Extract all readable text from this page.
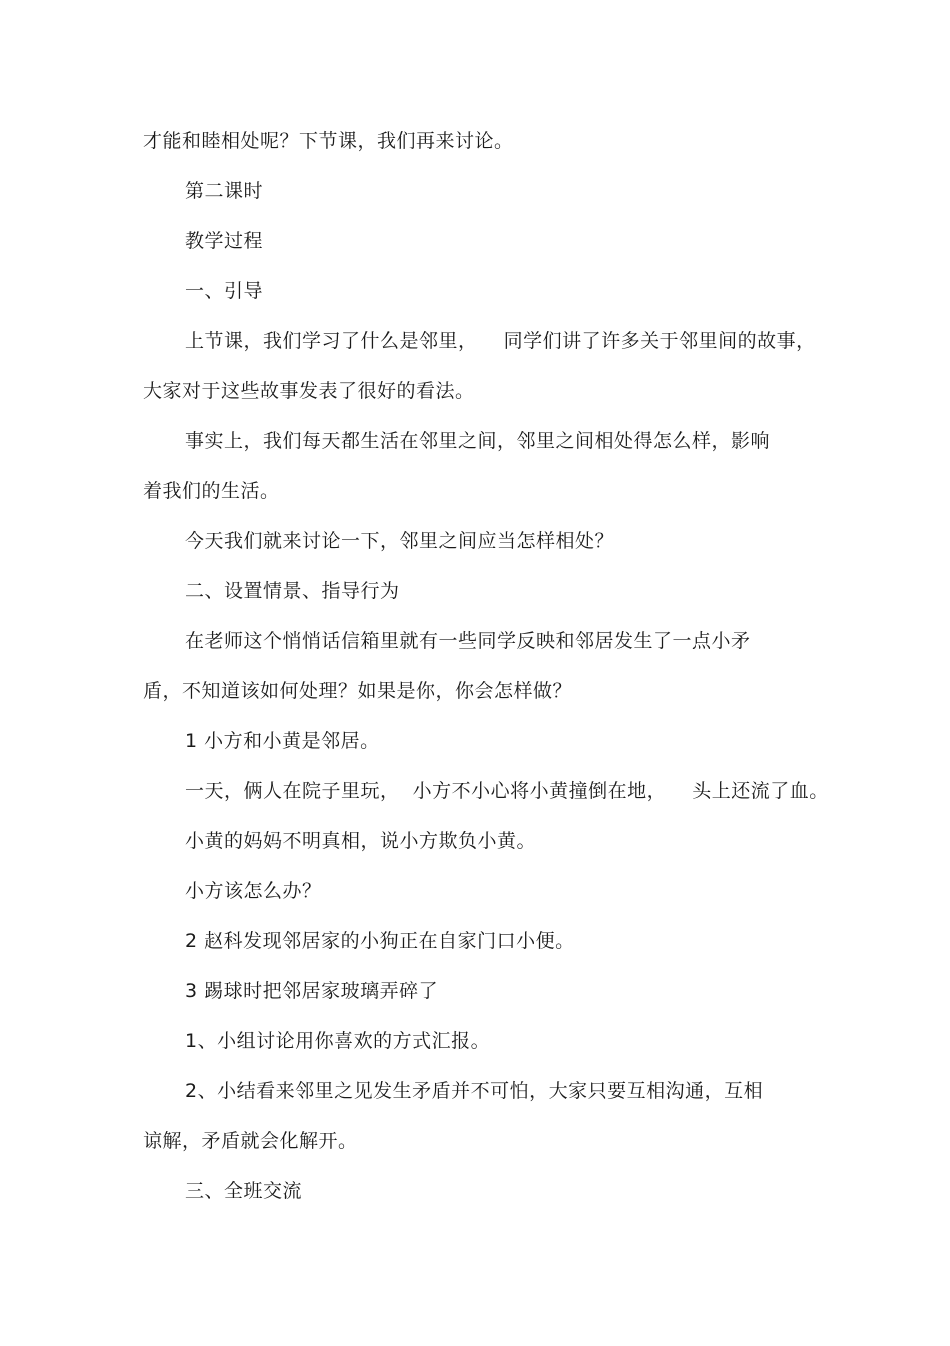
才能和睦相处呢？下节课，我们再来讨论。
第二课时
教学过程
一、引导
上节课，我们学习了什么是邻里，    同学们讲了许多关于邻里间的故事，
大家对于这些故事发表了很好的看法。
事实上，我们每天都生活在邻里之间，邻里之间相处得怎么样，影响
着我们的生活。
今天我们就来讨论一下，邻里之间应当怎样相处？
二、设置情景、指导行为
在老师这个悄悄话信箱里就有一些同学反映和邻居发生了一点小矛
盾，不知道该如何处理？如果是你，你会怎样做？
1 小方和小黄是邻居。
一天，俩人在院子里玩，  小方不小心将小黄撞倒在地，    头上还流了血。
小黄的妈妈不明真相，说小方欺负小黄。
小方该怎么办？
2 赵科发现邻居家的小狗正在自家门口小便。
3 踢球时把邻居家玻璃弄碎了
1、小组讨论用你喜欢的方式汇报。
2、小结看来邻里之见发生矛盾并不可怕，大家只要互相沟通，互相
谅解，矛盾就会化解开。
三、全班交流
